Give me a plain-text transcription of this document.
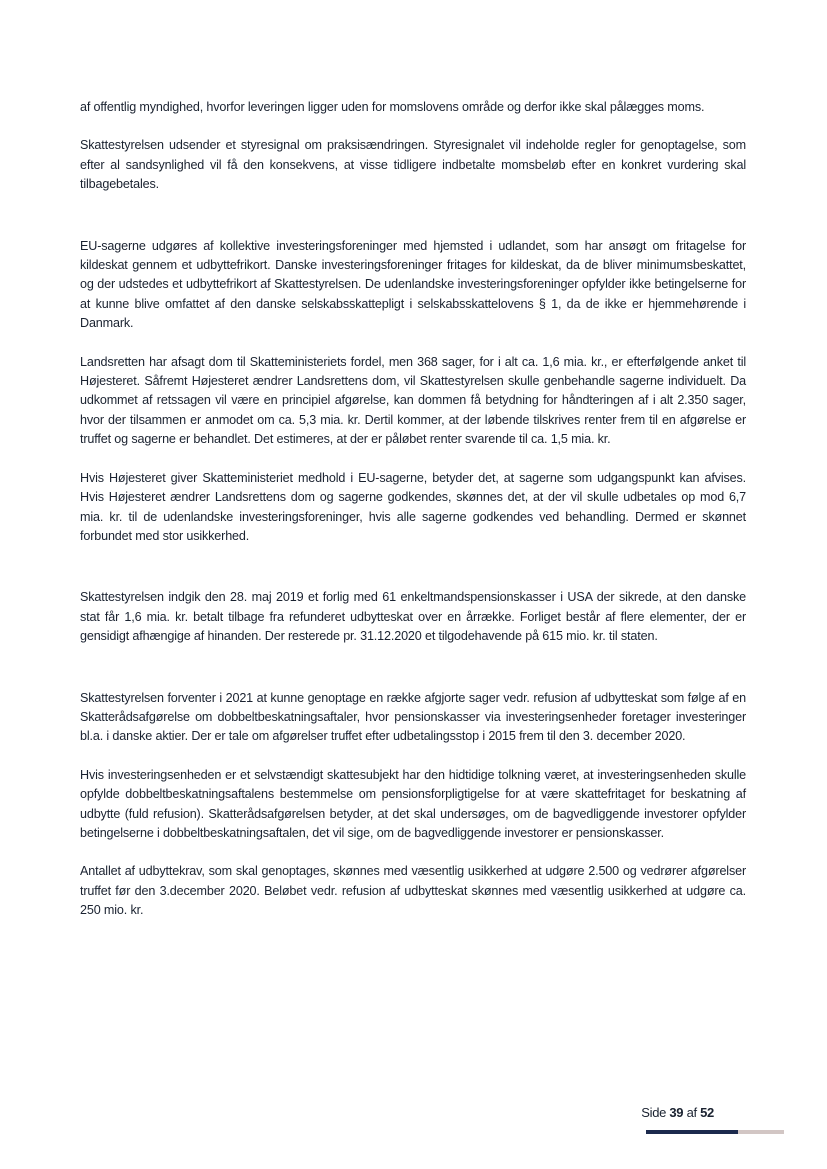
af offentlig myndighed, hvorfor leveringen ligger uden for momslovens område og derfor ikke skal pålægges moms.

Skattestyrelsen udsender et styresignal om praksisændringen. Styresignalet vil indeholde regler for genoptagelse, som efter al sandsynlighed vil få den konsekvens, at visse tidligere indbetalte momsbeløb efter en konkret vurdering skal tilbagebetales.

EU-sagerne udgøres af kollektive investeringsforeninger med hjemsted i udlandet, som har ansøgt om fritagelse for kildeskat gennem et udbyttefrikort. Danske investeringsforeninger fritages for kildeskat, da de bliver minimumsbeskattet, og der udstedes et udbyttefrikort af Skattestyrelsen. De udenlandske investeringsforeninger opfylder ikke betingelserne for at kunne blive omfattet af den danske selskabsskattepligt i selskabsskattelovens § 1, da de ikke er hjemmehørende i Danmark.

Landsretten har afsagt dom til Skatteministeriets fordel, men 368 sager, for i alt ca. 1,6 mia. kr., er efterfølgende anket til Højesteret. Såfremt Højesteret ændrer Landsrettens dom, vil Skattestyrelsen skulle genbehandle sagerne individuelt. Da udkommet af retssagen vil være en principiel afgørelse, kan dommen få betydning for håndteringen af i alt 2.350 sager, hvor der tilsammen er anmodet om ca. 5,3 mia. kr. Dertil kommer, at der løbende tilskrives renter frem til en afgørelse er truffet og sagerne er behandlet. Det estimeres, at der er påløbet renter svarende til ca. 1,5 mia. kr.

Hvis Højesteret giver Skatteministeriet medhold i EU-sagerne, betyder det, at sagerne som udgangspunkt kan afvises. Hvis Højesteret ændrer Landsrettens dom og sagerne godkendes, skønnes det, at der vil skulle udbetales op mod 6,7 mia. kr. til de udenlandske investeringsforeninger, hvis alle sagerne godkendes ved behandling. Dermed er skønnet forbundet med stor usikkerhed.

Skattestyrelsen indgik den 28. maj 2019 et forlig med 61 enkeltmandspensionskasser i USA der sikrede, at den danske stat får 1,6 mia. kr. betalt tilbage fra refunderet udbytteskat over en årrække. Forliget består af flere elementer, der er gensidigt afhængige af hinanden. Der resterede pr. 31.12.2020 et tilgodehavende på 615 mio. kr. til staten.

Skattestyrelsen forventer i 2021 at kunne genoptage en række afgjorte sager vedr. refusion af udbytteskat som følge af en Skatterådsafgørelse om dobbeltbeskatningsaftaler, hvor pensionskasser via investeringsenheder foretager investeringer bl.a. i danske aktier. Der er tale om afgørelser truffet efter udbetalingsstop i 2015 frem til den 3. december 2020.

Hvis investeringsenheden er et selvstændigt skattesubjekt har den hidtidige tolkning været, at investeringsenheden skulle opfylde dobbeltbeskatningsaftalens bestemmelse om pensionsforpligtigelse for at være skattefritaget for beskatning af udbytte (fuld refusion). Skatterådsafgørelsen betyder, at det skal undersøges, om de bagvedliggende investorer opfylder betingelserne i dobbeltbeskatningsaftalen, det vil sige, om de bagvedliggende investorer er pensionskasser.

Antallet af udbyttekrav, som skal genoptages, skønnes med væsentlig usikkerhed at udgøre 2.500 og vedrører afgørelser truffet før den 3.december 2020. Beløbet vedr. refusion af udbytteskat skønnes med væsentlig usikkerhed at udgøre ca. 250 mio. kr.

Side 39 af 52
